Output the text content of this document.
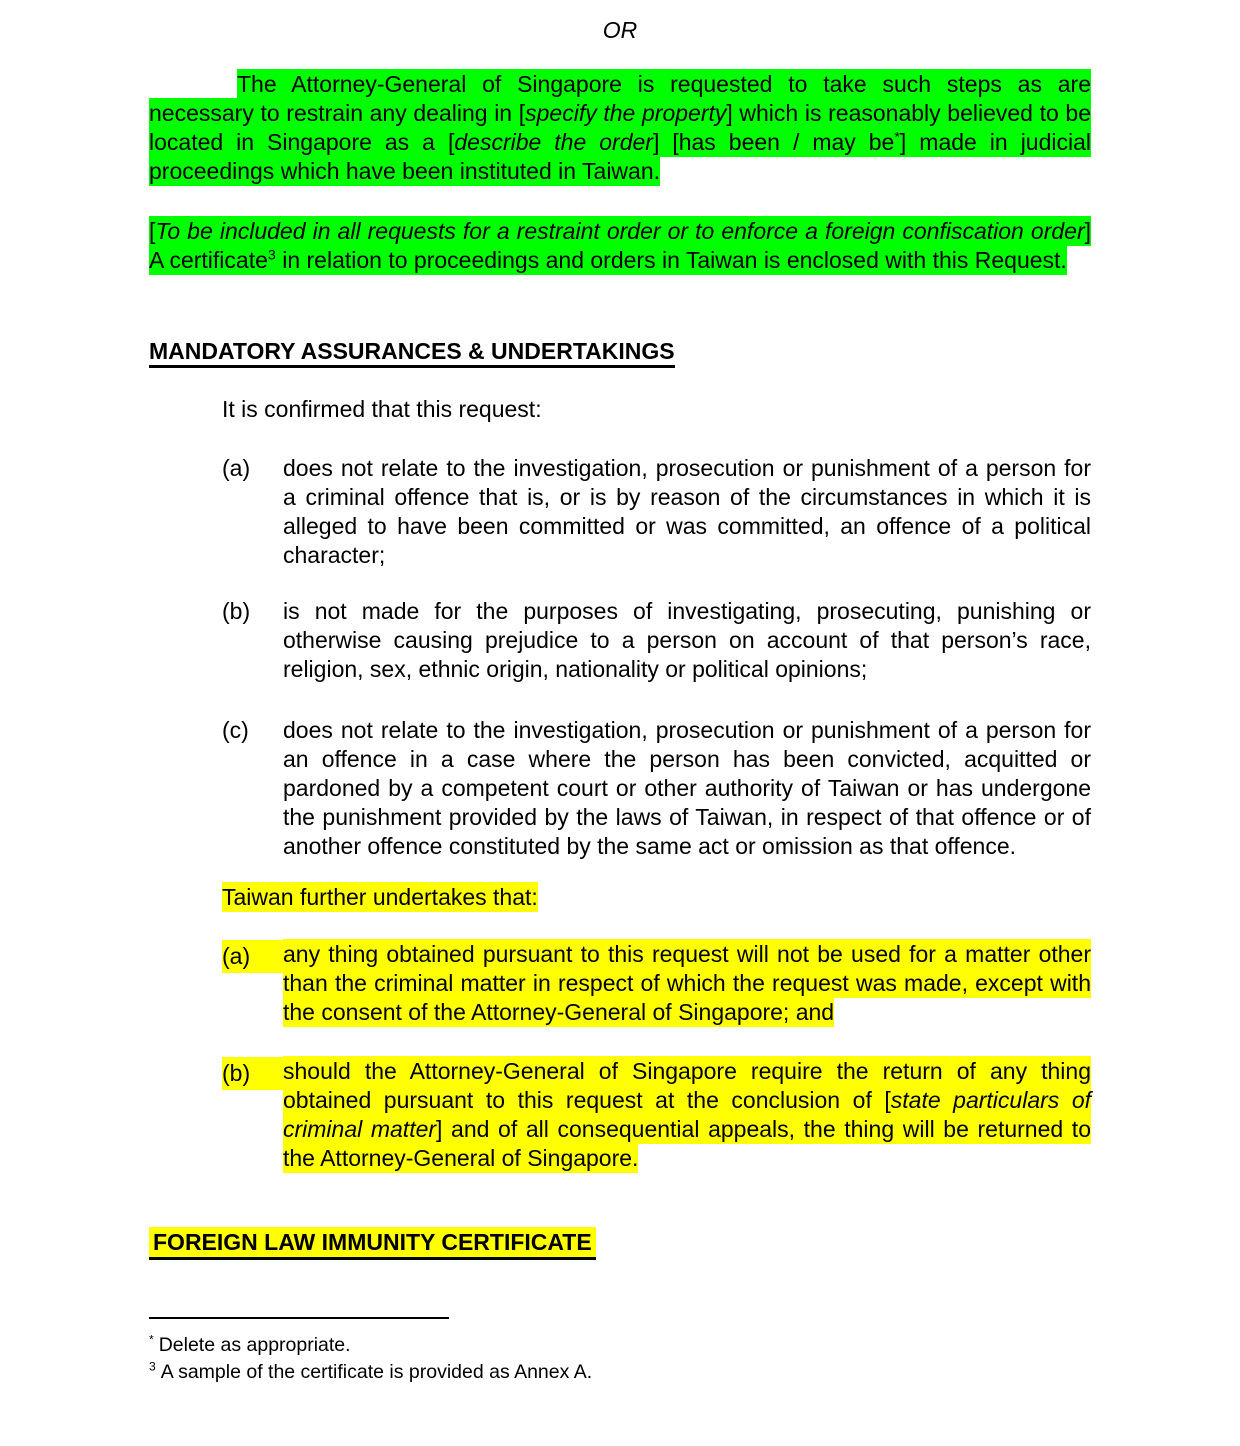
OR
The Attorney-General of Singapore is requested to take such steps as are necessary to restrain any dealing in [specify the property] which is reasonably believed to be located in Singapore as a [describe the order] [has been / may be*] made in judicial proceedings which have been instituted in Taiwan.
[To be included in all requests for a restraint order or to enforce a foreign confiscation order] A certificate$^3$ in relation to proceedings and orders in Taiwan is enclosed with this Request.
MANDATORY ASSURANCES & UNDERTAKINGS
It is confirmed that this request:
(a)	does not relate to the investigation, prosecution or punishment of a person for a criminal offence that is, or is by reason of the circumstances in which it is alleged to have been committed or was committed, an offence of a political character;
(b)	is not made for the purposes of investigating, prosecuting, punishing or otherwise causing prejudice to a person on account of that person’s race, religion, sex, ethnic origin, nationality or political opinions;
(c)	does not relate to the investigation, prosecution or punishment of a person for an offence in a case where the person has been convicted, acquitted or pardoned by a competent court or other authority of Taiwan or has undergone the punishment provided by the laws of Taiwan, in respect of that offence or of another offence constituted by the same act or omission as that offence.
Taiwan further undertakes that:
(a)	any thing obtained pursuant to this request will not be used for a matter other than the criminal matter in respect of which the request was made, except with the consent of the Attorney-General of Singapore; and
(b)	should the Attorney-General of Singapore require the return of any thing obtained pursuant to this request at the conclusion of [state particulars of criminal matter] and of all consequential appeals, the thing will be returned to the Attorney-General of Singapore.
FOREIGN LAW IMMUNITY CERTIFICATE
* Delete as appropriate.
$^3$ A sample of the certificate is provided as Annex A.
